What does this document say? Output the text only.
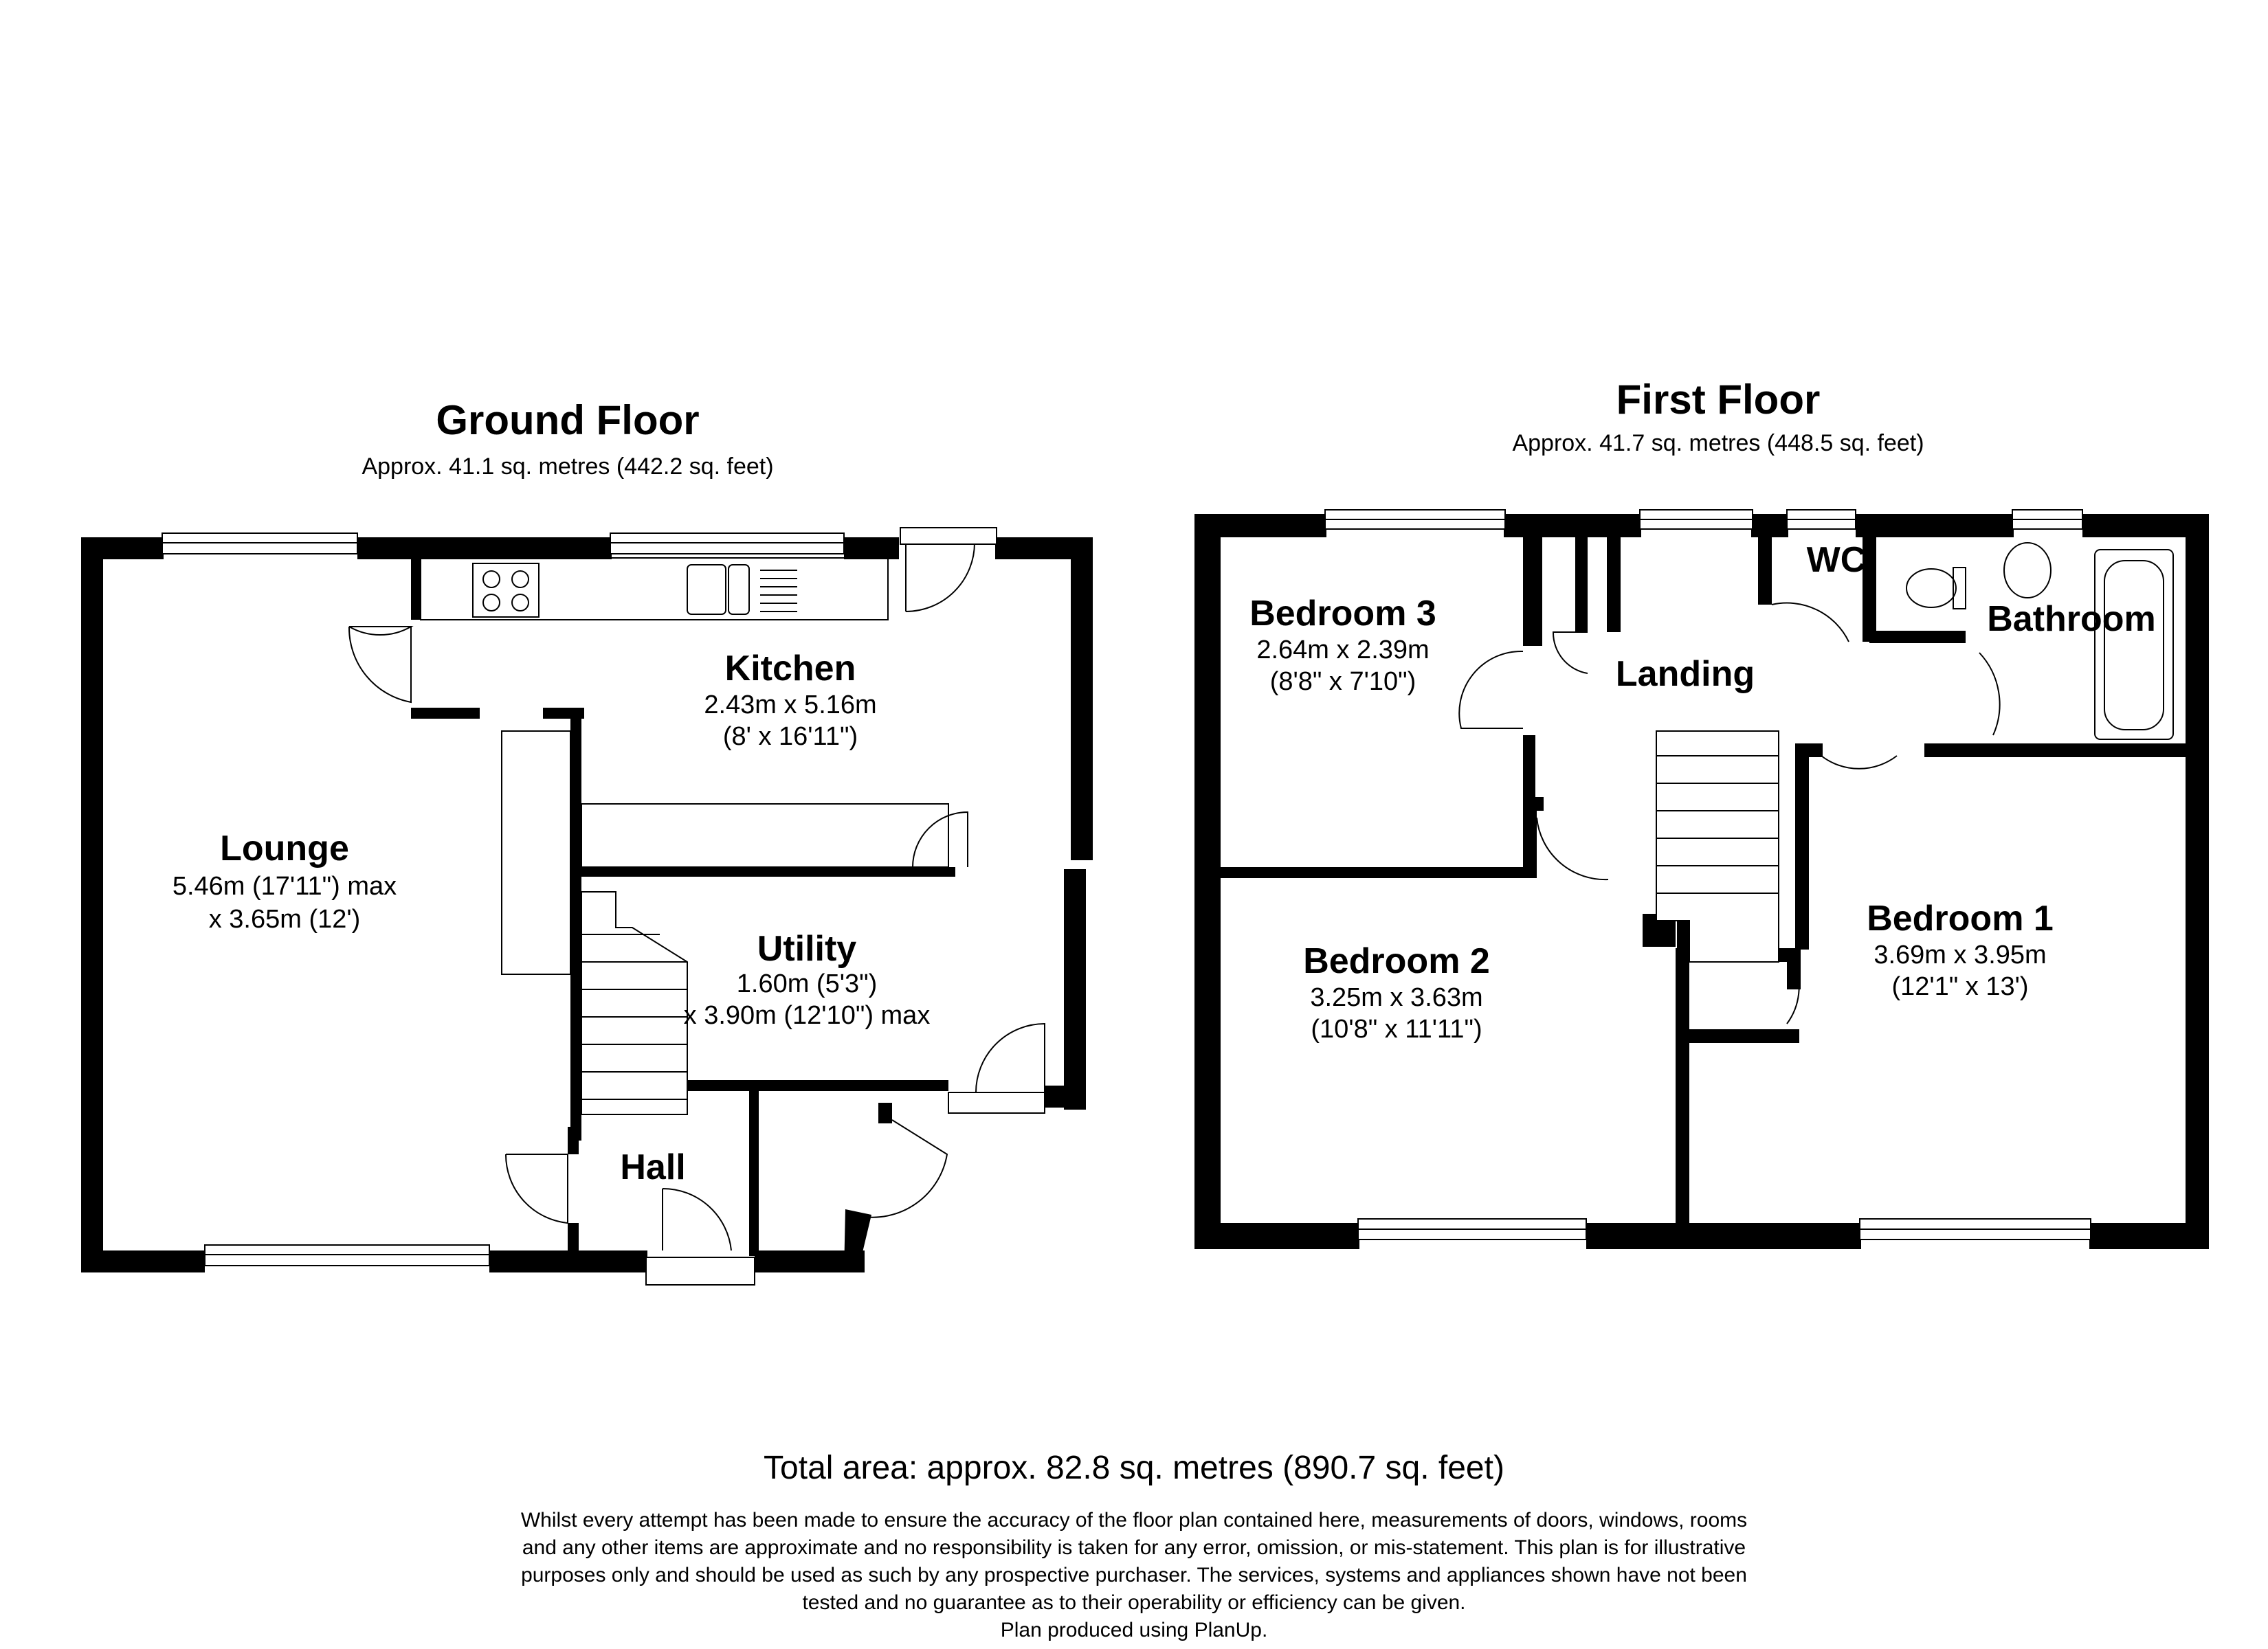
Ground Floor
Approx. 41.1 sq. metres (442.2 sq. feet)
Lounge
5.46m (17'11") max
x 3.65m (12')
Kitchen
2.43m x 5.16m
(8' x 16'11")
Utility
1.60m (5'3")
x 3.90m (12'10") max
Hall
First Floor
Approx. 41.7 sq. metres (448.5 sq. feet)
Bedroom 3
2.64m x 2.39m
(8'8" x 7'10")	Landing
WC
Bathroom
Bedroom 2
3.25m x 3.63m
(10'8" x 11'11")
Bedroom 1
3.69m x 3.95m
(12'1" x 13')
Total area: approx. 82.8 sq. metres (890.7 sq. feet)
Whilst every attempt has been made to ensure the accuracy of the floor plan contained here, measurements of doors, windows, rooms
and any other items are approximate and no responsibility is taken for any error, omission, or mis-statement. This plan is for illustrative
purposes only and should be used as such by any prospective purchaser. The services, systems and appliances shown have not been
tested and no guarantee as to their operability or efficiency can be given.
Plan produced using PlanUp.
